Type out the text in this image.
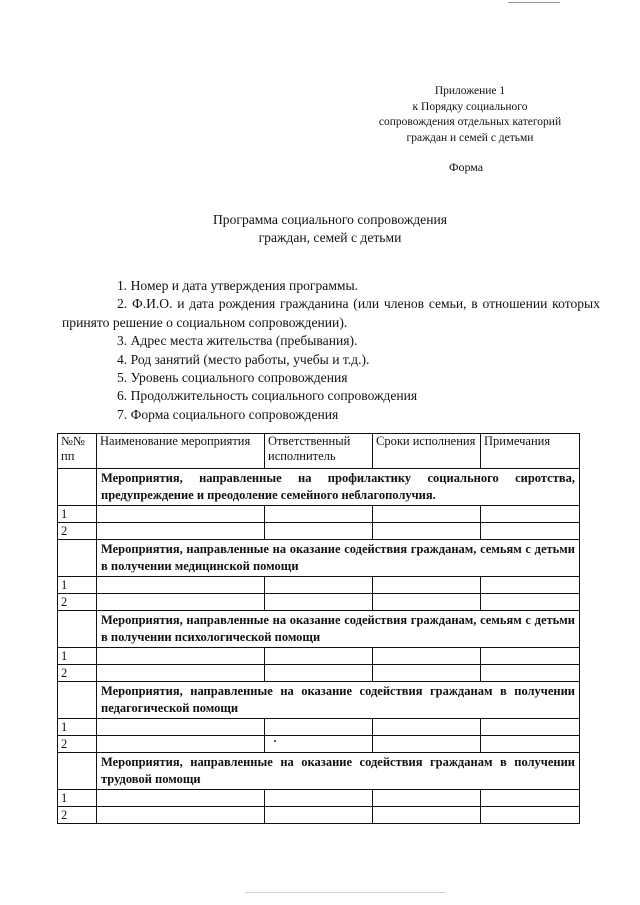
Приложение 1
к Порядку социального
сопровождения отдельных категорий
граждан и семей с детьми
Форма
Программа социального сопровождения
граждан, семей с детьми

1. Номер и дата утверждения программы.

2. Ф.И.О. и дата рождения гражданина (или членов семьи, в отношении которых принято решение о социальном сопровождении).

3. Адрес места жительства (пребывания).

4. Род занятий (место работы, учебы и т.д.).

5. Уровень социального сопровождения

6. Продолжительность социального сопровождения

7. Форма социального сопровождения

№№ пп	Наименование мероприятия	Ответственный исполнитель	Сроки исполнения	Примечания
	Мероприятия, направленные на профилактику социального сиротства, предупреждение и преодоление семейного неблагополучия.			
1				
2				
	Мероприятия, направленные на оказание содействия гражданам, семьям с детьми в получении медицинской помощи			
1				
2				
	Мероприятия, направленные на оказание содействия гражданам, семьям с детьми в получении психологической помощи			
1				
2				
	Мероприятия, направленные на оказание содействия гражданам в получении педагогической помощи			
1				
2				
	Мероприятия, направленные на оказание содействия гражданам в получении трудовой помощи			
1				
2				
